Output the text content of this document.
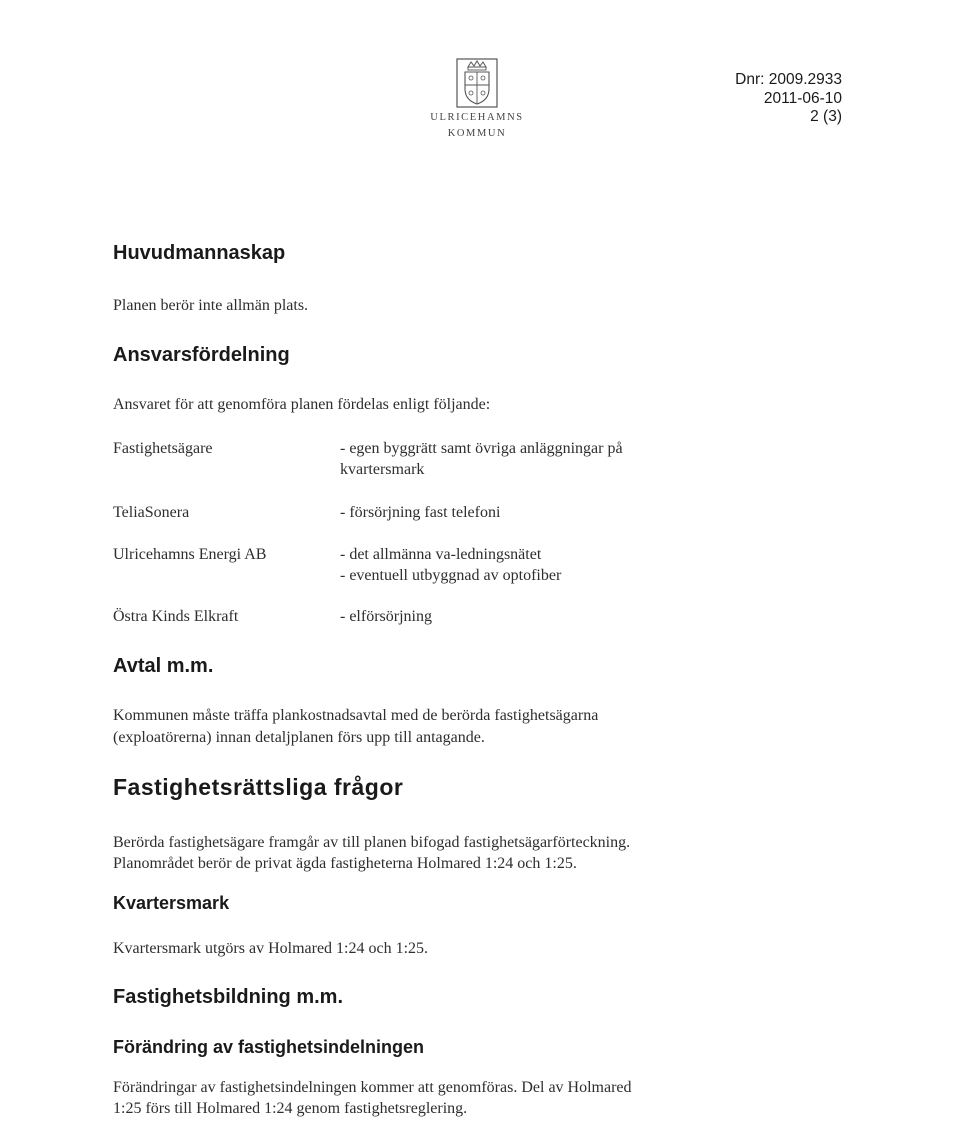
ULRICEHAMNS
KOMMUN
Dnr: 2009.2933
2011-06-10
2 (3)
Huvudmannaskap
Planen berör inte allmän plats.
Ansvarsfördelning
Ansvaret för att genomföra planen fördelas enligt följande:
Fastighetsägare	- egen byggrätt samt övriga anläggningar på
kvartersmark
TeliaSonera	- försörjning fast telefoni
Ulricehamns Energi AB	- det allmänna va-ledningsnätet
- eventuell utbyggnad av optofiber
Östra Kinds Elkraft	- elförsörjning
Avtal m.m.
Kommunen måste träffa plankostnadsavtal med de berörda fastighetsägarna
(exploatörerna) innan detaljplanen förs upp till antagande.
Fastighetsrättsliga frågor
Berörda fastighetsägare framgår av till planen bifogad fastighetsägarförteckning.
Planområdet berör de privat ägda fastigheterna Holmared 1:24 och 1:25.
Kvartersmark
Kvartersmark utgörs av Holmared 1:24 och 1:25.
Fastighetsbildning m.m.
Förändring av fastighetsindelningen
Förändringar av fastighetsindelningen kommer att genomföras. Del av Holmared
1:25 förs till Holmared 1:24 genom fastighetsreglering.
